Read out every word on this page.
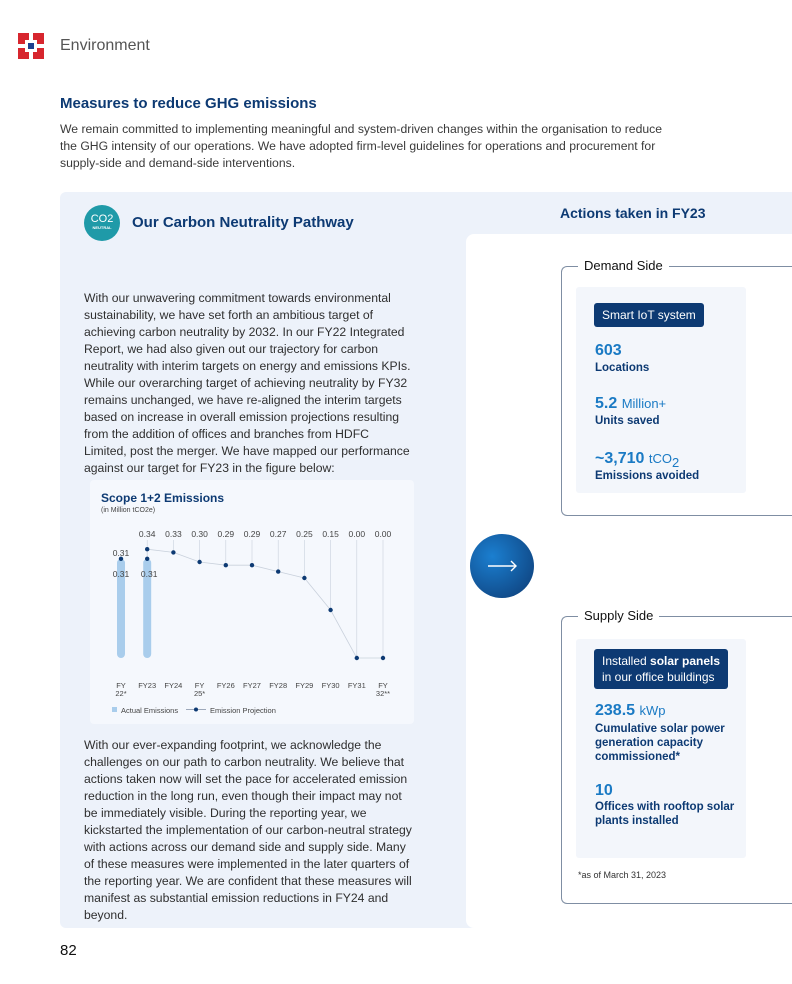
Environment
Measures to reduce GHG emissions
We remain committed to implementing meaningful and system-driven changes within the organisation to reduce the GHG intensity of our operations. We have adopted firm-level guidelines for operations and procurement for supply-side and demand-side interventions.
CO2
NEUTRAL	Our Carbon Neutrality Pathway
With our unwavering commitment towards environmental sustainability, we have set forth an ambitious target of achieving carbon neutrality by 2032. In our FY22 Integrated Report, we had also given out our trajectory for carbon neutrality with interim targets on energy and emissions KPIs. While our overarching target of achieving neutrality by FY32 remains unchanged, we have re-aligned the interim targets based on increase in overall emission projections resulting from the addition of offices and branches from HDFC Limited, post the merger. We have mapped our performance against our target for FY23 in the figure below:
Scope 1+2 Emissions
(in Million tCO2e)
0.31
0.34 0.33 0.30 0.29 0.29 0.27 0.25 0.15 0.00 0.00
0.31 0.31
FY
22*
FY23 FY24 FY
25*
FY26 FY27 FY28 FY29 FY30 FY31 FY
32**
Actual Emissions	Emission Projection
With our ever-expanding footprint, we acknowledge the challenges on our path to carbon neutrality. We believe that actions taken now will set the pace for accelerated emission reduction in the long run, even though their impact may not be immediately visible. During the reporting year, we kickstarted the implementation of our carbon-neutral strategy with actions across our demand side and supply side. Many of these measures were implemented in the later quarters of the reporting year. We are confident that these measures will manifest as substantial emission reductions in FY24 and beyond.
Actions taken in FY23
Demand Side
Smart IoT system
603
Locations
5.2 Million+
Units saved
~3,710 tCO$_2$
Emissions avoided
Supply Side
Installed solar panels
in our office buildings
238.5 kWp
Cumulative solar power generation capacity commissioned*
10
Offices with rooftop solar plants installed
*as of March 31, 2023
82
